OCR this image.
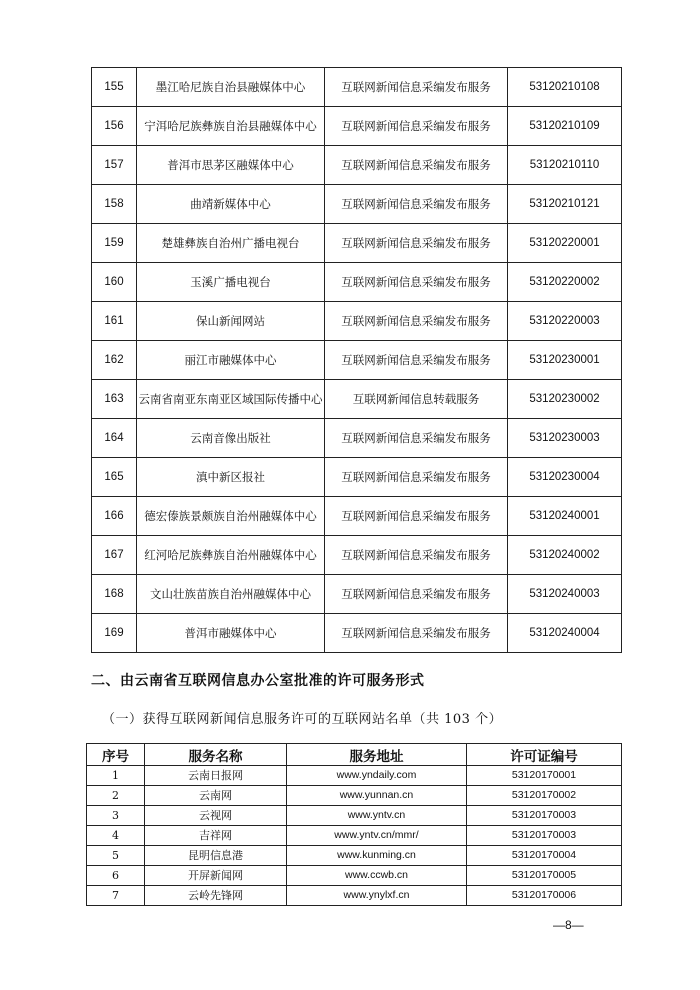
155	墨江哈尼族自治县融媒体中心	互联网新闻信息采编发布服务	53120210108
156	宁洱哈尼族彝族自治县融媒体中心	互联网新闻信息采编发布服务	53120210109
157	普洱市思茅区融媒体中心	互联网新闻信息采编发布服务	53120210110
158	曲靖新媒体中心	互联网新闻信息采编发布服务	53120210121
159	楚雄彝族自治州广播电视台	互联网新闻信息采编发布服务	53120220001
160	玉溪广播电视台	互联网新闻信息采编发布服务	53120220002
161	保山新闻网站	互联网新闻信息采编发布服务	53120220003
162	丽江市融媒体中心	互联网新闻信息采编发布服务	53120230001
163	云南省南亚东南亚区域国际传播中心	互联网新闻信息转载服务	53120230002
164	云南音像出版社	互联网新闻信息采编发布服务	53120230003
165	滇中新区报社	互联网新闻信息采编发布服务	53120230004
166	德宏傣族景颇族自治州融媒体中心	互联网新闻信息采编发布服务	53120240001
167	红河哈尼族彝族自治州融媒体中心	互联网新闻信息采编发布服务	53120240002
168	文山壮族苗族自治州融媒体中心	互联网新闻信息采编发布服务	53120240003
169	普洱市融媒体中心	互联网新闻信息采编发布服务	53120240004
二、由云南省互联网信息办公室批准的许可服务形式
（一）获得互联网新闻信息服务许可的互联网站名单（共 103 个）
序号	服务名称	服务地址	许可证编号
1	云南日报网	www.yndaily.com	53120170001
2	云南网	www.yunnan.cn	53120170002
3	云视网	www.yntv.cn	53120170003
4	吉祥网	www.yntv.cn/mmr/	53120170003
5	昆明信息港	www.kunming.cn	53120170004
6	开屏新闻网	www.ccwb.cn	53120170005
7	云岭先锋网	www.ynylxf.cn	53120170006
—8—
